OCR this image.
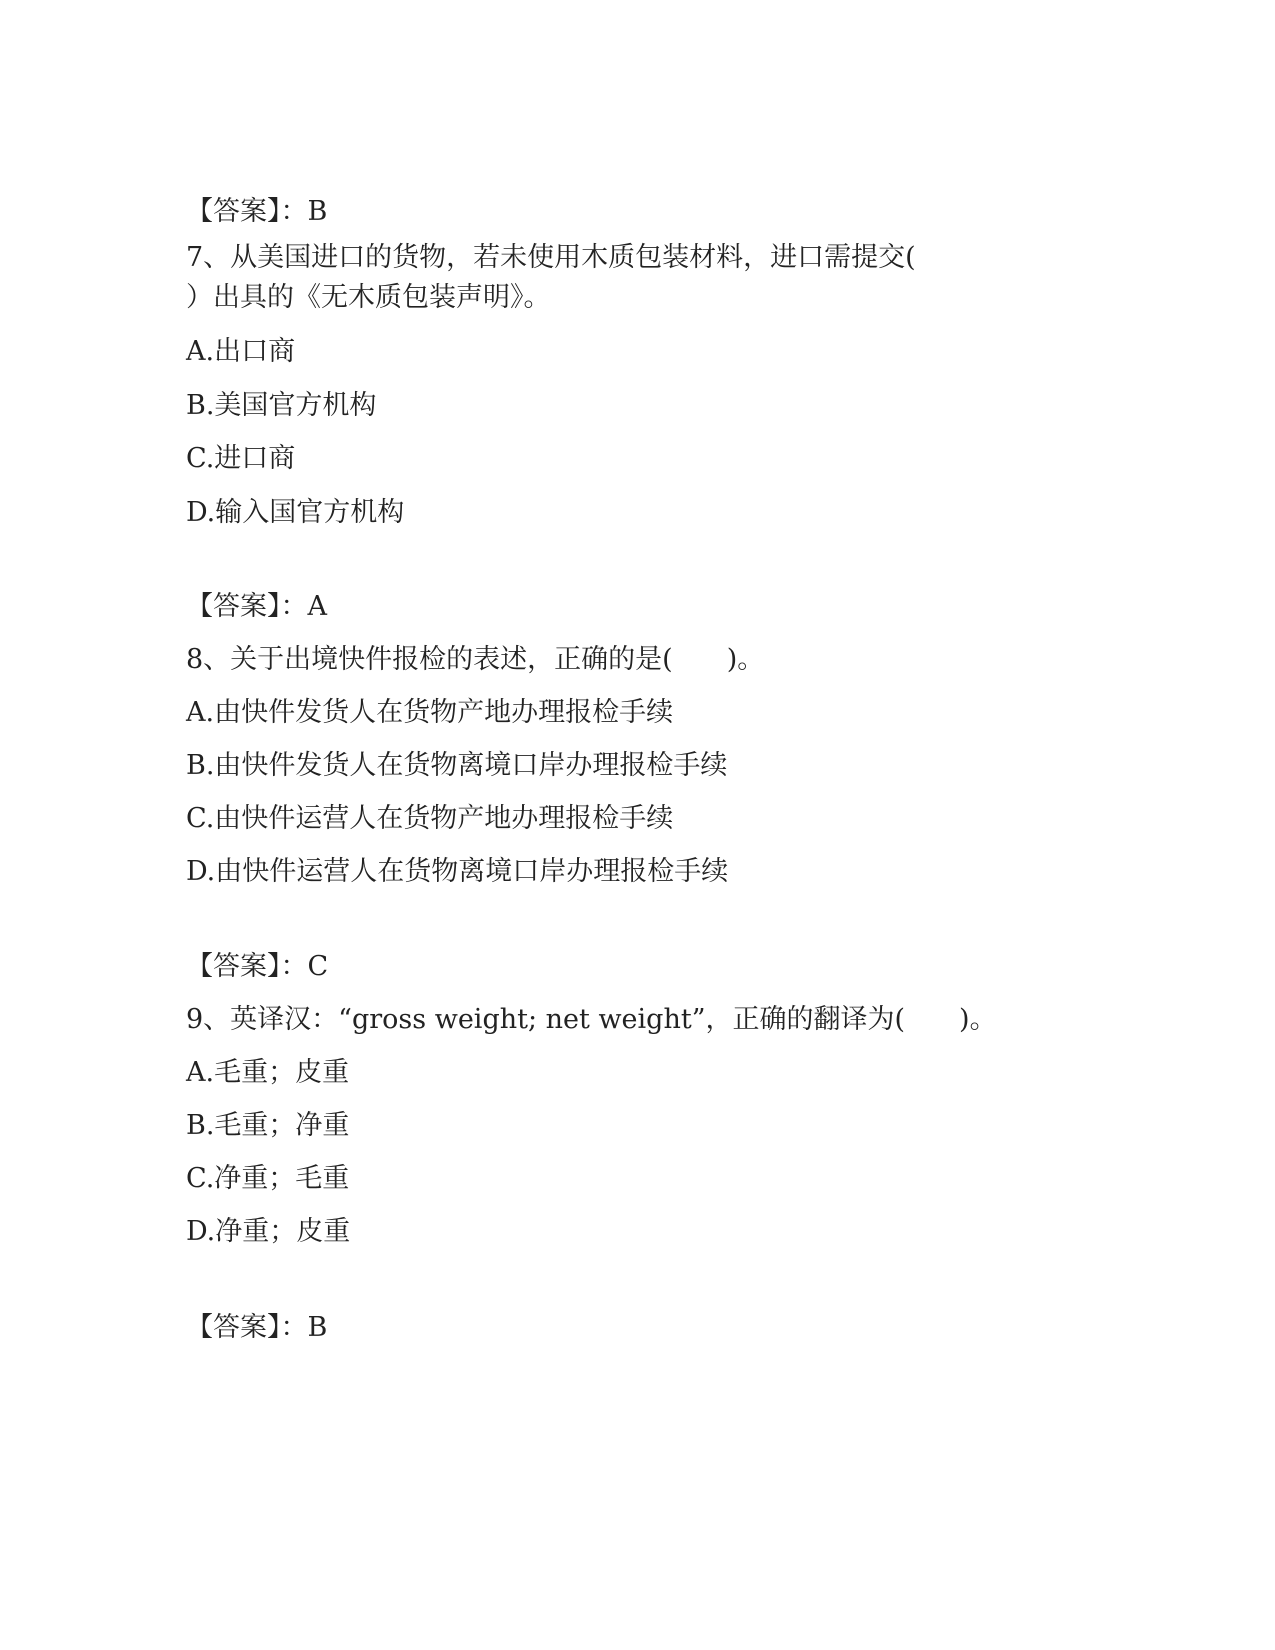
【答案】：B

7、从美国进口的货物，若未使用木质包装材料，进口需提交(

）出具的《无木质包装声明》。

A.出口商

B.美国官方机构

C.进口商

D.输入国官方机构

【答案】：A

8、关于出境快件报检的表述，正确的是(　　)。

A.由快件发货人在货物产地办理报检手续

B.由快件发货人在货物离境口岸办理报检手续

C.由快件运营人在货物产地办理报检手续

D.由快件运营人在货物离境口岸办理报检手续

【答案】：C

9、英译汉：“gross weight; net weight”，正确的翻译为(　　)。

A.毛重；皮重

B.毛重；净重

C.净重；毛重

D.净重；皮重

【答案】：B
